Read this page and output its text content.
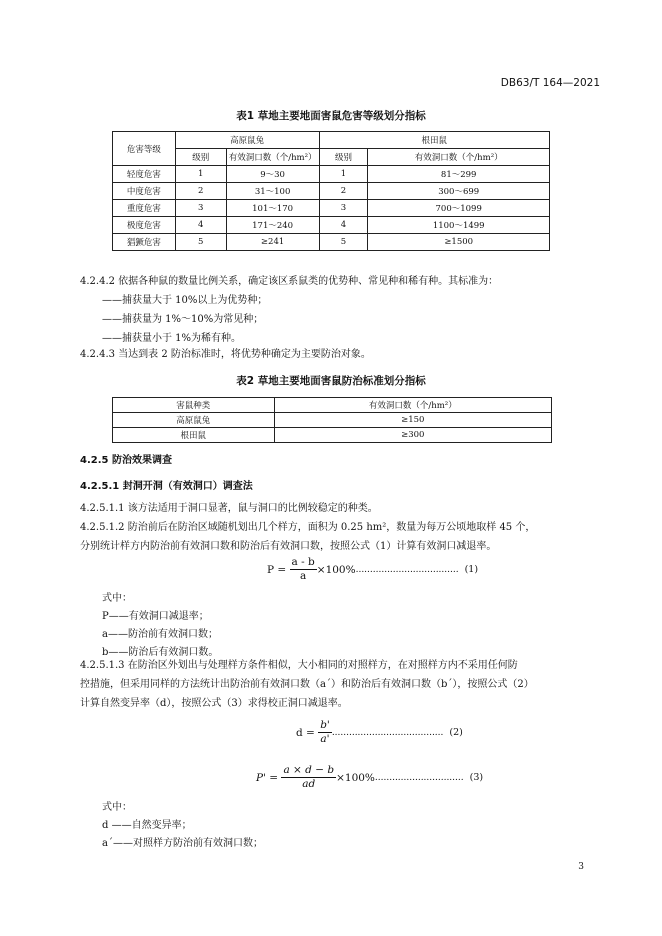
DB63/T 164—2021
表1 草地主要地面害鼠危害等级划分指标
危害等级	高原鼠兔		根田鼠	
	级别	有效洞口数（个/hm²）	级别	有效洞口数（个/hm²）
轻度危害	1	9～30	1	81～299
中度危害	2	31～100	2	300～699
重度危害	3	101～170	3	700～1099
极度危害	4	171～240	4	1100～1499
猖獗危害	5	≥241	5	≥1500
4.2.4.2 依据各种鼠的数量比例关系，确定该区系鼠类的优势种、常见种和稀有种。其标准为：
——捕获量大于 10%以上为优势种；
——捕获量为 1%～10%为常见种；
——捕获量小于 1%为稀有种。
4.2.4.3 当达到表 2 防治标准时，将优势种确定为主要防治对象。
表2 草地主要地面害鼠防治标准划分指标
害鼠种类	有效洞口数（个/hm²）
高原鼠兔	≥150
根田鼠	≥300
4.2.5 防治效果调查
4.2.5.1 封洞开洞（有效洞口）调查法
4.2.5.1.1 该方法适用于洞口显著，鼠与洞口的比例较稳定的种类。
4.2.5.1.2 防治前后在防治区域随机划出几个样方，面积为 0.25 hm²，数量为每万公顷地取样 45 个，
分别统计样方内防治前有效洞口数和防治后有效洞口数，按照公式（1）计算有效洞口减退率。
P =
$\frac{a - b}{a} \times 100\%$ .................................... (1)
式中：
P——有效洞口减退率；
a——防治前有效洞口数；
b——防治后有效洞口数。
4.2.5.1.3 在防治区外划出与处理样方条件相似，大小相同的对照样方，在对照样方内不采用任何防
控措施，但采用同样的方法统计出防治前有效洞口数（a´）和防治后有效洞口数（b´），按照公式（2）
计算自然变异率（d），按照公式（3）求得校正洞口减退率。
d =
$\frac{b'}{a'}$ ....................................... (2)
P' =
$\frac{a \times d - b}{ad} \times 100\%$ ............................... (3)
式中：
d ——自然变异率；
a´——对照样方防治前有效洞口数；
3
